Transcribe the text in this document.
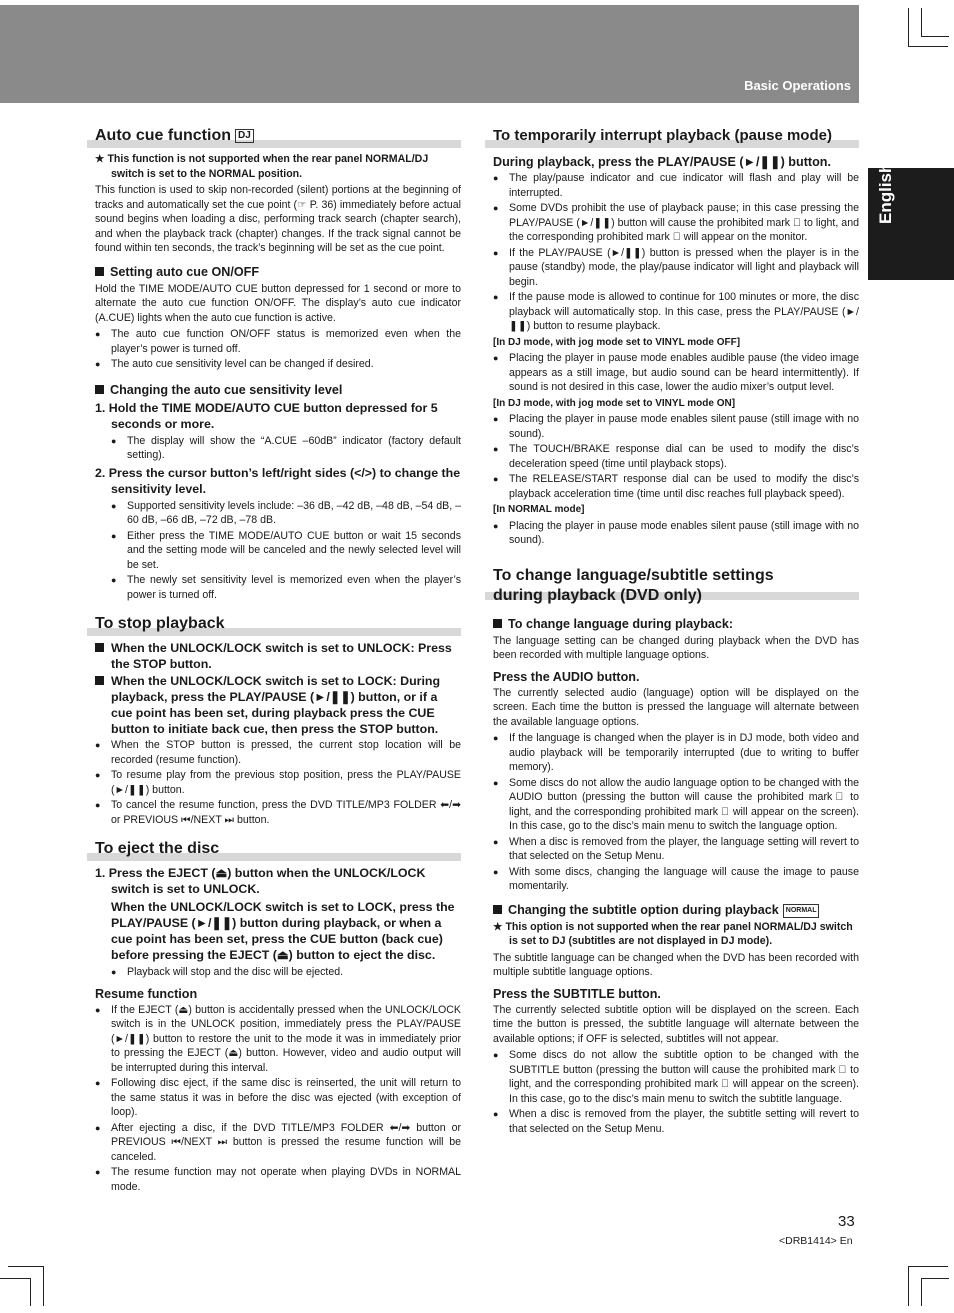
Basic Operations
English
Auto cue function DJ
★ This function is not supported when the rear panel NORMAL/DJ switch is set to the NORMAL position.
This function is used to skip non-recorded (silent) portions at the beginning of tracks and automatically set the cue point (☞ P. 36) immediately before actual sound begins when loading a disc, performing track search (chapter search), and when the playback track (chapter) changes. If the track signal cannot be found within ten seconds, the track’s beginning will be set as the cue point.
Setting auto cue ON/OFF
Hold the TIME MODE/AUTO CUE button depressed for 1 second or more to alternate the auto cue function ON/OFF. The display’s auto cue indicator (A.CUE) lights when the auto cue function is active.
● The auto cue function ON/OFF status is memorized even when the player’s power is turned off.
● The auto cue sensitivity level can be changed if desired.
Changing the auto cue sensitivity level
1. Hold the TIME MODE/AUTO CUE button depressed for 5 seconds or more.
● The display will show the “A.CUE –60dB” indicator (factory default setting).
2. Press the cursor button’s left/right sides (</>) to change the sensitivity level.
● Supported sensitivity levels include: –36 dB, –42 dB, –48 dB, –54 dB, –60 dB, –66 dB, –72 dB, –78 dB.
● Either press the TIME MODE/AUTO CUE button or wait 15 seconds and the setting mode will be canceled and the newly selected level will be set.
● The newly set sensitivity level is memorized even when the player’s power is turned off.
To stop playback
When the UNLOCK/LOCK switch is set to UNLOCK: Press the STOP button.
When the UNLOCK/LOCK switch is set to LOCK: During playback, press the PLAY/PAUSE (►/❚❚) button, or if a cue point has been set, during playback press the CUE button to initiate back cue, then press the STOP button.
● When the STOP button is pressed, the current stop location will be recorded (resume function).
● To resume play from the previous stop position, press the PLAY/PAUSE (►/❚❚) button.
● To cancel the resume function, press the DVD TITLE/MP3 FOLDER ⬅/➡ or PREVIOUS ⏮/NEXT ⏭ button.
To eject the disc
1. Press the EJECT (⏏) button when the UNLOCK/LOCK switch is set to UNLOCK.
When the UNLOCK/LOCK switch is set to LOCK, press the PLAY/PAUSE (►/❚❚) button during playback, or when a cue point has been set, press the CUE button (back cue) before pressing the EJECT (⏏) button to eject the disc.
● Playback will stop and the disc will be ejected.
Resume function
● If the EJECT (⏏) button is accidentally pressed when the UNLOCK/LOCK switch is in the UNLOCK position, immediately press the PLAY/PAUSE (►/❚❚) button to restore the unit to the mode it was in immediately prior to pressing the EJECT (⏏) button. However, video and audio output will be interrupted during this interval.
● Following disc eject, if the same disc is reinserted, the unit will return to the same status it was in before the disc was ejected (with exception of loop).
● After ejecting a disc, if the DVD TITLE/MP3 FOLDER ⬅/➡ button or PREVIOUS ⏮/NEXT ⏭ button is pressed the resume function will be canceled.
● The resume function may not operate when playing DVDs in NORMAL mode.
To temporarily interrupt playback (pause mode)
During playback, press the PLAY/PAUSE (►/❚❚) button.
● The play/pause indicator and cue indicator will flash and play will be interrupted.
● Some DVDs prohibit the use of playback pause; in this case pressing the PLAY/PAUSE (►/❚❚) button will cause the prohibited mark ⃠ to light, and the corresponding prohibited mark ⃠ will appear on the monitor.
● If the PLAY/PAUSE (►/❚❚) button is pressed when the player is in the pause (standby) mode, the play/pause indicator will light and playback will begin.
● If the pause mode is allowed to continue for 100 minutes or more, the disc playback will automatically stop. In this case, press the PLAY/PAUSE (►/❚❚) button to resume playback.
[In DJ mode, with jog mode set to VINYL mode OFF]
● Placing the player in pause mode enables audible pause (the video image appears as a still image, but audio sound can be heard intermittently). If sound is not desired in this case, lower the audio mixer’s output level.
[In DJ mode, with jog mode set to VINYL mode ON]
● Placing the player in pause mode enables silent pause (still image with no sound).
● The TOUCH/BRAKE response dial can be used to modify the disc’s deceleration speed (time until playback stops).
● The RELEASE/START response dial can be used to modify the disc’s playback acceleration time (time until disc reaches full playback speed).
[In NORMAL mode]
● Placing the player in pause mode enables silent pause (still image with no sound).
To change language/subtitle settings
during playback (DVD only)
To change language during playback:
The language setting can be changed during playback when the DVD has been recorded with multiple language options.
Press the AUDIO button.
The currently selected audio (language) option will be displayed on the screen. Each time the button is pressed the language will alternate between the available language options.
● If the language is changed when the player is in DJ mode, both video and audio playback will be temporarily interrupted (due to writing to buffer memory).
● Some discs do not allow the audio language option to be changed with the AUDIO button (pressing the button will cause the prohibited mark ⃠ to light, and the corresponding prohibited mark ⃠ will appear on the screen). In this case, go to the disc’s main menu to switch the language option.
● When a disc is removed from the player, the language setting will revert to that selected on the Setup Menu.
● With some discs, changing the language will cause the image to pause momentarily.
Changing the subtitle option during playback NORMAL
★ This option is not supported when the rear panel NORMAL/DJ switch is set to DJ (subtitles are not displayed in DJ mode).
The subtitle language can be changed when the DVD has been recorded with multiple subtitle language options.
Press the SUBTITLE button.
The currently selected subtitle option will be displayed on the screen. Each time the button is pressed, the subtitle language will alternate between the available options; if OFF is selected, subtitles will not appear.
● Some discs do not allow the subtitle option to be changed with the SUBTITLE button (pressing the button will cause the prohibited mark ⃠ to light, and the corresponding prohibited mark ⃠ will appear on the screen). In this case, go to the disc’s main menu to switch the subtitle language.
● When a disc is removed from the player, the subtitle setting will revert to that selected on the Setup Menu.
33
<DRB1414> En
